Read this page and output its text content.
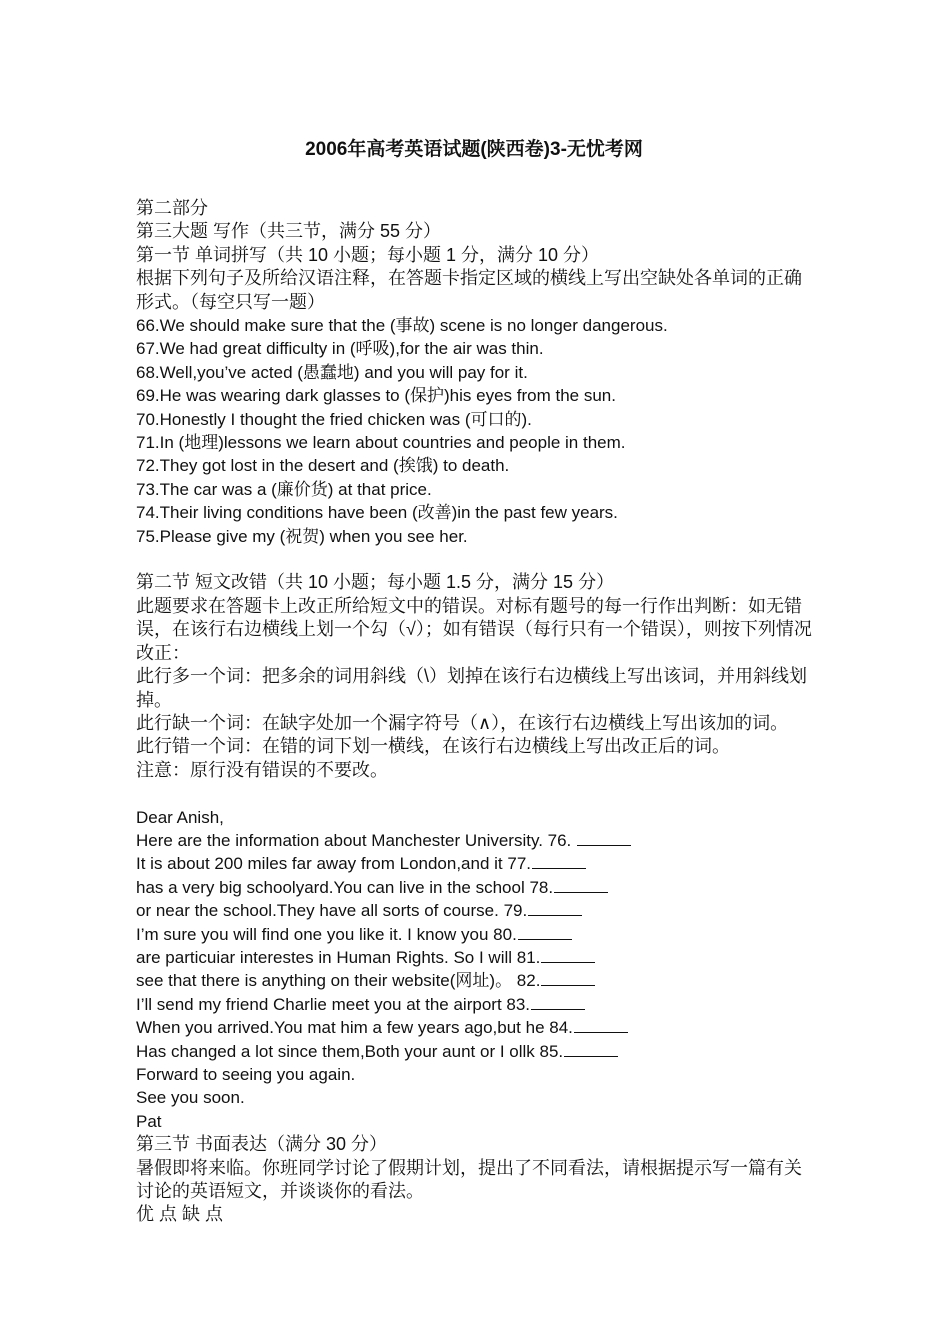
2006年高考英语试题(陕西卷)3-无忧考网
第二部分
第三大题 写作（共三节，满分 55 分）
第一节 单词拼写（共 10 小题；每小题 1 分，满分 10 分）
根据下列句子及所给汉语注释，在答题卡指定区域的横线上写出空缺处各单词的正确形式。（每空只写一题）
66.We should make sure that the (事故) scene is no longer dangerous.
67.We had great difficulty in (呼吸),for the air was thin.
68.Well,you’ve acted (愚蠢地) and you will pay for it.
69.He was wearing dark glasses to (保护)his eyes from the sun.
70.Honestly I thought the fried chicken was (可口的).
71.In (地理)lessons we learn about countries and people in them.
72.They got lost in the desert and (挨饿) to death.
73.The car was a (廉价货) at that price.
74.Their living conditions have been (改善)in the past few years.
75.Please give my (祝贺) when you see her.
第二节 短文改错（共 10 小题；每小题 1.5 分，满分 15 分）
此题要求在答题卡上改正所给短文中的错误。对标有题号的每一行作出判断：如无错误，在该行右边横线上划一个勾（√）；如有错误（每行只有一个错误），则按下列情况改正：
此行多一个词：把多余的词用斜线（\）划掉在该行右边横线上写出该词，并用斜线划掉。
此行缺一个词：在缺字处加一个漏字符号（∧），在该行右边横线上写出该加的词。
此行错一个词：在错的词下划一横线，在该行右边横线上写出改正后的词。
注意：原行没有错误的不要改。
Dear Anish,
Here are the information about Manchester University. 76.
It is about 200 miles far away from London,and it 77.
has a very big schoolyard.You can live in the school 78.
or near the school.They have all sorts of course. 79.
I’m sure you will find one you like it. I know you 80.
are particuiar interestes in Human Rights. So I will 81.
see that there is anything on their website(网址)。 82.
I’ll send my friend Charlie meet you at the airport 83.
When you arrived.You mat him a few years ago,but he 84.
Has changed a lot since them,Both your aunt or I ollk 85.
Forward to seeing you again.
See you soon.
Pat
第三节 书面表达（满分 30 分）
暑假即将来临。你班同学讨论了假期计划，提出了不同看法，请根据提示写一篇有关讨论的英语短文，并谈谈你的看法。
优 点 缺 点
